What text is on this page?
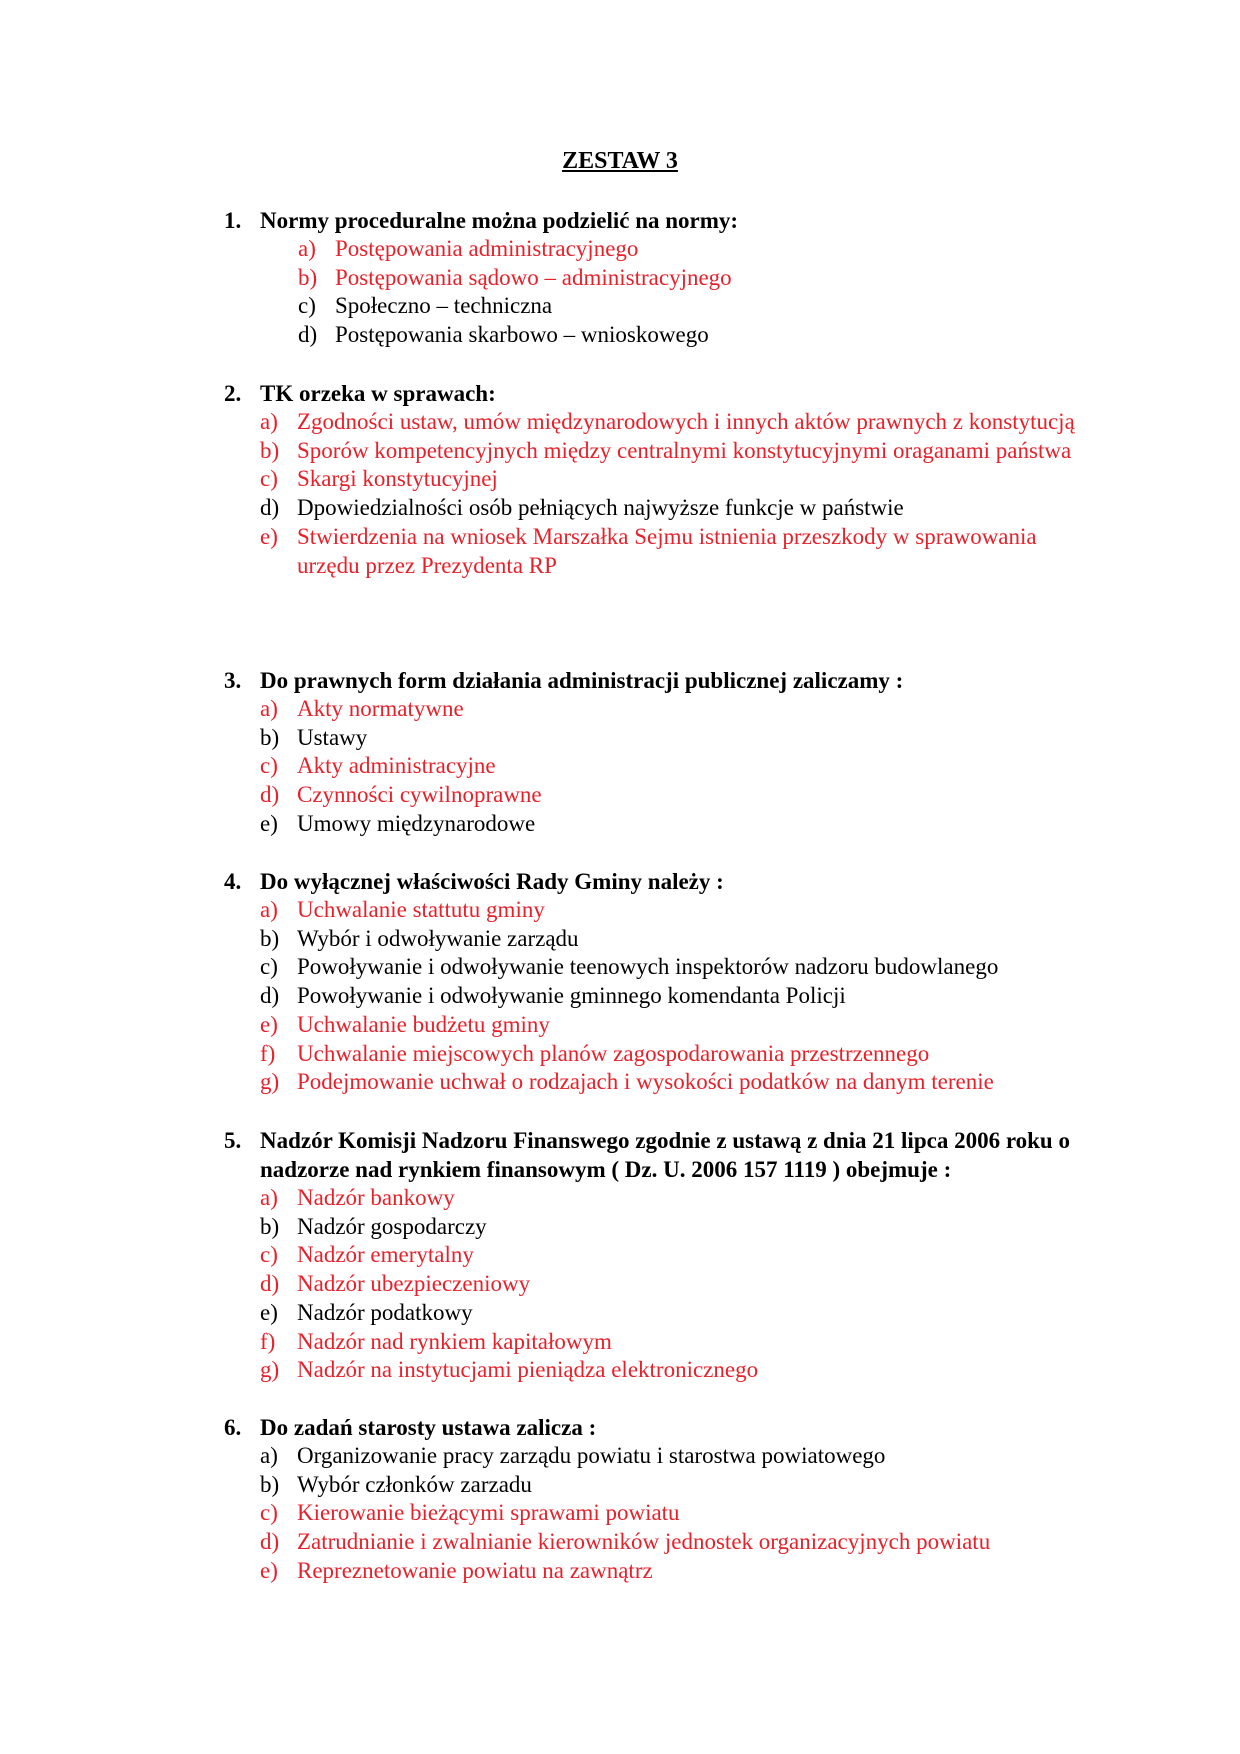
ZESTAW 3
1. Normy proceduralne można podzielić na normy:
a) Postępowania administracyjnego
b) Postępowania sądowo – administracyjnego
c) Społeczno – techniczna
d) Postępowania skarbowo – wnioskowego
2. TK orzeka w sprawach:
a) Zgodności ustaw, umów międzynarodowych i innych aktów prawnych z konstytucją
b) Sporów kompetencyjnych między centralnymi konstytucyjnymi oraganami państwa
c) Skargi konstytucyjnej
d) Dpowiedzialności osób pełniących najwyższe funkcje w państwie
e) Stwierdzenia na wniosek Marszałka Sejmu istnienia przeszkody w sprawowania urzędu przez Prezydenta RP
3. Do prawnych form działania administracji publicznej zaliczamy :
a) Akty normatywne
b) Ustawy
c) Akty administracyjne
d) Czynności cywilnoprawne
e) Umowy międzynarodowe
4. Do wyłącznej właściwości Rady Gminy należy :
a) Uchwalanie stattutu gminy
b) Wybór i odwoływanie zarządu
c) Powoływanie i odwoływanie teenowych inspektorów nadzoru budowlanego
d) Powoływanie i odwoływanie gminnego komendanta Policji
e) Uchwalanie budżetu gminy
f) Uchwalanie miejscowych planów zagospodarowania przestrzennego
g) Podejmowanie uchwał o rodzajach i wysokości podatków na danym terenie
5. Nadzór Komisji Nadzoru Finanswego zgodnie z ustawą z dnia 21 lipca 2006 roku o nadzorze nad rynkiem finansowym ( Dz. U. 2006 157 1119 ) obejmuje :
a) Nadzór bankowy
b) Nadzór gospodarczy
c) Nadzór emerytalny
d) Nadzór ubezpieczeniowy
e) Nadzór podatkowy
f) Nadzór nad rynkiem kapitałowym
g) Nadzór na instytucjami pieniądza elektronicznego
6. Do zadań starosty ustawa zalicza :
a) Organizowanie pracy zarządu powiatu i starostwa powiatowego
b) Wybór członków zarzadu
c) Kierowanie bieżącymi sprawami powiatu
d) Zatrudnianie i zwalnianie kierowników jednostek organizacyjnych powiatu
e) Repreznetowanie powiatu na zawnątrz
